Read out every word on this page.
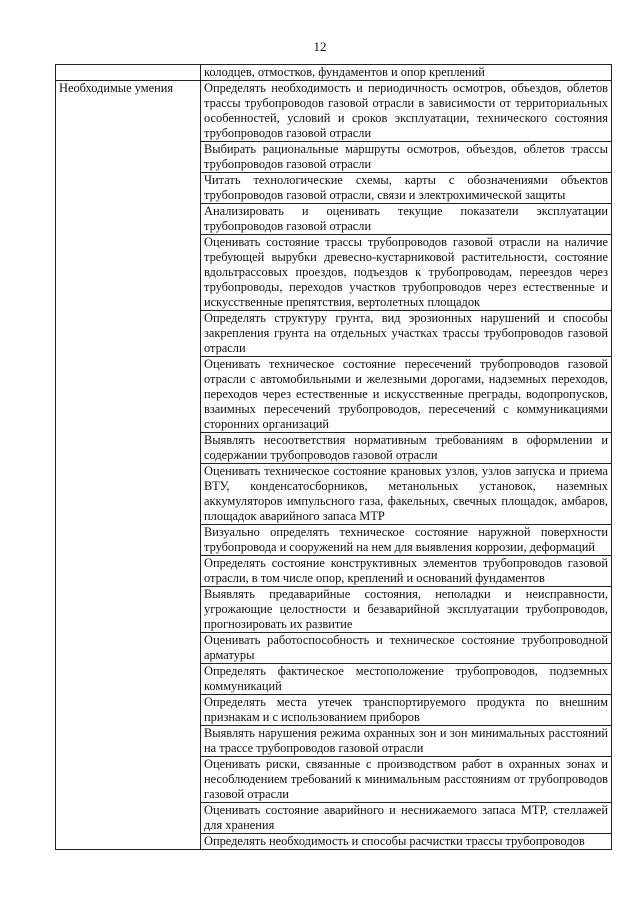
12
	колодцев, отмостков, фундаментов и опор креплений
Необходимые умения	Определять необходимость и периодичность осмотров, объездов, облетов трассы трубопроводов газовой отрасли в зависимости от территориальных особенностей, условий и сроков эксплуатации, технического состояния трубопроводов газовой отрасли
	Выбирать рациональные маршруты осмотров, объездов, облетов трассы трубопроводов газовой отрасли
	Читать технологические схемы, карты с обозначениями объектов трубопроводов газовой отрасли, связи и электрохимической защиты
	Анализировать и оценивать текущие показатели эксплуатации трубопроводов газовой отрасли
	Оценивать состояние трассы трубопроводов газовой отрасли на наличие требующей вырубки древесно-кустарниковой растительности, состояние вдольтрассовых проездов, подъездов к трубопроводам, переездов через трубопроводы, переходов участков трубопроводов через естественные и искусственные препятствия, вертолетных площадок
	Определять структуру грунта, вид эрозионных нарушений и способы закрепления грунта на отдельных участках трассы трубопроводов газовой отрасли
	Оценивать техническое состояние пересечений трубопроводов газовой отрасли с автомобильными и железными дорогами, надземных переходов, переходов через естественные и искусственные преграды, водопропусков, взаимных пересечений трубопроводов, пересечений с коммуникациями сторонних организаций
	Выявлять несоответствия нормативным требованиям в оформлении и содержании трубопроводов газовой отрасли
	Оценивать техническое состояние крановых узлов, узлов запуска и приема ВТУ, конденсатосборников, метанольных установок, наземных аккумуляторов импульсного газа, факельных, свечных площадок, амбаров, площадок аварийного запаса МТР
	Визуально определять техническое состояние наружной поверхности трубопровода и сооружений на нем для выявления коррозии, деформаций
	Определять состояние конструктивных элементов трубопроводов газовой отрасли, в том числе опор, креплений и оснований фундаментов
	Выявлять предаварийные состояния, неполадки и неисправности, угрожающие целостности и безаварийной эксплуатации трубопроводов, прогнозировать их развитие
	Оценивать работоспособность и техническое состояние трубопроводной арматуры
	Определять фактическое местоположение трубопроводов, подземных коммуникаций
	Определять места утечек транспортируемого продукта по внешним признакам и с использованием приборов
	Выявлять нарушения режима охранных зон и зон минимальных расстояний на трассе трубопроводов газовой отрасли
	Оценивать риски, связанные с производством работ в охранных зонах и несоблюдением требований к минимальным расстояниям от трубопроводов газовой отрасли
	Оценивать состояние аварийного и неснижаемого запаса МТР, стеллажей для хранения
	Определять необходимость и способы расчистки трассы трубопроводов
